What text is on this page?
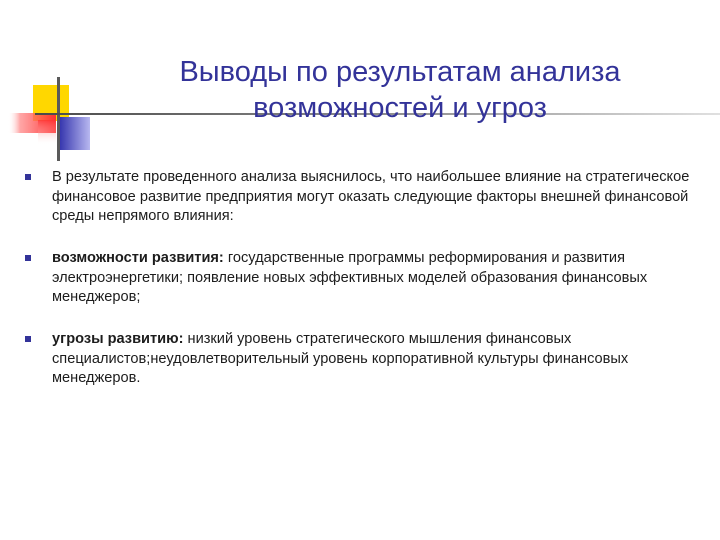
Выводы по результатам анализа
возможностей и угроз

В результате проведенного анализа выяснилось, что наибольшее влияние на стратегическое финансовое развитие предприятия могут оказать следующие факторы внешней финансовой среды непрямого влияния:

возможности развития: государственные программы реформирования и развития электроэнергетики; появление новых эффективных моделей образования финансовых менеджеров;

угрозы развитию: низкий уровень стратегического мышления финансовых специалистов;неудовлетворительный уровень корпоративной культуры финансовых менеджеров.
